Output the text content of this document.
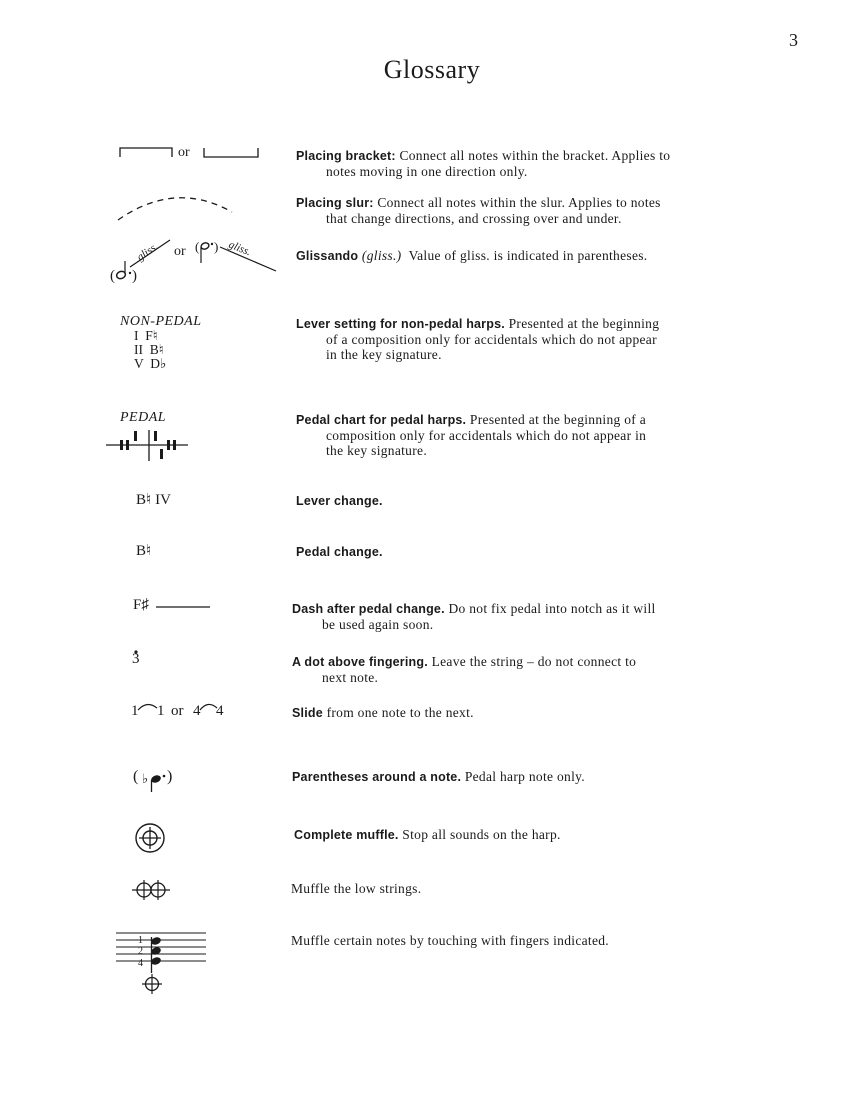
3
Glossary
or	Placing bracket: Connect all notes within the bracket. Applies to
notes moving in one direction only.
Placing slur: Connect all notes within the slur. Applies to notes
that change directions, and crossing over and under.
( )
gliss. or ( ) gliss.	Glissando (gliss.) Value of gliss. is indicated in parentheses.
NON-PEDAL
I  F♮
II  B♮
V  D♭
Lever setting for non-pedal harps. Presented at the beginning
of a composition only for accidentals which do not appear
in the key signature.
PEDAL	Pedal chart for pedal harps. Presented at the beginning of a
composition only for accidentals which do not appear in
the key signature.
B♮ IV	Lever change.
B♮	Pedal change.
F♯	Dash after pedal change. Do not fix pedal into notch as it will
be used again soon.
3	A dot above fingering. Leave the string – do not connect to
next note.
1 1 or 4 4	Slide from one note to the next.
( ♭ )	Parentheses around a note. Pedal harp note only.
Complete muffle. Stop all sounds on the harp.
Muffle the low strings.
1
2
4
Muffle certain notes by touching with fingers indicated.
